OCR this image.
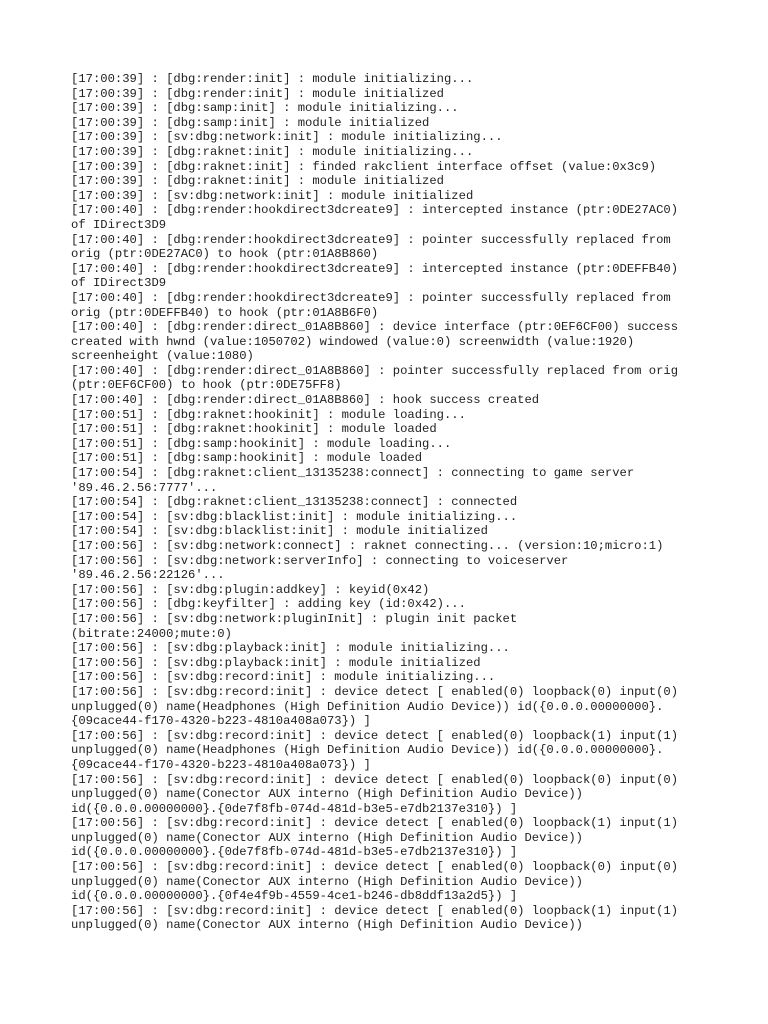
[17:00:39] : [dbg:render:init] : module initializing...
[17:00:39] : [dbg:render:init] : module initialized
[17:00:39] : [dbg:samp:init] : module initializing...
[17:00:39] : [dbg:samp:init] : module initialized
[17:00:39] : [sv:dbg:network:init] : module initializing...
[17:00:39] : [dbg:raknet:init] : module initializing...
[17:00:39] : [dbg:raknet:init] : finded rakclient interface offset (value:0x3c9)
[17:00:39] : [dbg:raknet:init] : module initialized
[17:00:39] : [sv:dbg:network:init] : module initialized
[17:00:40] : [dbg:render:hookdirect3dcreate9] : intercepted instance (ptr:0DE27AC0)
of IDirect3D9
[17:00:40] : [dbg:render:hookdirect3dcreate9] : pointer successfully replaced from
orig (ptr:0DE27AC0) to hook (ptr:01A8B860)
[17:00:40] : [dbg:render:hookdirect3dcreate9] : intercepted instance (ptr:0DEFFB40)
of IDirect3D9
[17:00:40] : [dbg:render:hookdirect3dcreate9] : pointer successfully replaced from
orig (ptr:0DEFFB40) to hook (ptr:01A8B6F0)
[17:00:40] : [dbg:render:direct_01A8B860] : device interface (ptr:0EF6CF00) success
created with hwnd (value:1050702) windowed (value:0) screenwidth (value:1920)
screenheight (value:1080)
[17:00:40] : [dbg:render:direct_01A8B860] : pointer successfully replaced from orig
(ptr:0EF6CF00) to hook (ptr:0DE75FF8)
[17:00:40] : [dbg:render:direct_01A8B860] : hook success created
[17:00:51] : [dbg:raknet:hookinit] : module loading...
[17:00:51] : [dbg:raknet:hookinit] : module loaded
[17:00:51] : [dbg:samp:hookinit] : module loading...
[17:00:51] : [dbg:samp:hookinit] : module loaded
[17:00:54] : [dbg:raknet:client_13135238:connect] : connecting to game server
'89.46.2.56:7777'...
[17:00:54] : [dbg:raknet:client_13135238:connect] : connected
[17:00:54] : [sv:dbg:blacklist:init] : module initializing...
[17:00:54] : [sv:dbg:blacklist:init] : module initialized
[17:00:56] : [sv:dbg:network:connect] : raknet connecting... (version:10;micro:1)
[17:00:56] : [sv:dbg:network:serverInfo] : connecting to voiceserver
'89.46.2.56:22126'...
[17:00:56] : [sv:dbg:plugin:addkey] : keyid(0x42)
[17:00:56] : [dbg:keyfilter] : adding key (id:0x42)...
[17:00:56] : [sv:dbg:network:pluginInit] : plugin init packet
(bitrate:24000;mute:0)
[17:00:56] : [sv:dbg:playback:init] : module initializing...
[17:00:56] : [sv:dbg:playback:init] : module initialized
[17:00:56] : [sv:dbg:record:init] : module initializing...
[17:00:56] : [sv:dbg:record:init] : device detect [ enabled(0) loopback(0) input(0)
unplugged(0) name(Headphones (High Definition Audio Device)) id({0.0.0.00000000}.
{09cace44-f170-4320-b223-4810a408a073}) ]
[17:00:56] : [sv:dbg:record:init] : device detect [ enabled(0) loopback(1) input(1)
unplugged(0) name(Headphones (High Definition Audio Device)) id({0.0.0.00000000}.
{09cace44-f170-4320-b223-4810a408a073}) ]
[17:00:56] : [sv:dbg:record:init] : device detect [ enabled(0) loopback(0) input(0)
unplugged(0) name(Conector AUX interno (High Definition Audio Device))
id({0.0.0.00000000}.{0de7f8fb-074d-481d-b3e5-e7db2137e310}) ]
[17:00:56] : [sv:dbg:record:init] : device detect [ enabled(0) loopback(1) input(1)
unplugged(0) name(Conector AUX interno (High Definition Audio Device))
id({0.0.0.00000000}.{0de7f8fb-074d-481d-b3e5-e7db2137e310}) ]
[17:00:56] : [sv:dbg:record:init] : device detect [ enabled(0) loopback(0) input(0)
unplugged(0) name(Conector AUX interno (High Definition Audio Device))
id({0.0.0.00000000}.{0f4e4f9b-4559-4ce1-b246-db8ddf13a2d5}) ]
[17:00:56] : [sv:dbg:record:init] : device detect [ enabled(0) loopback(1) input(1)
unplugged(0) name(Conector AUX interno (High Definition Audio Device))
